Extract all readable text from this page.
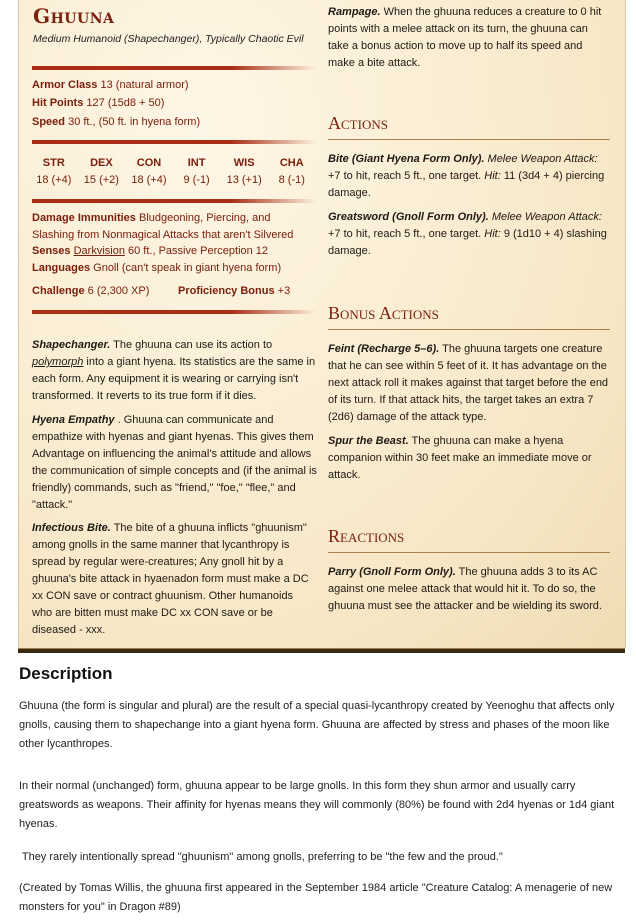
Ghuuna
Medium Humanoid (Shapechanger), Typically Chaotic Evil
Armor Class 13 (natural armor)
Hit Points 127 (15d8 + 50)
Speed 30 ft., (50 ft. in hyena form)
STR
18 (+4)
DEX
15 (+2)
CON
18 (+4)
INT
9 (-1)
WIS
13 (+1)
CHA
8 (-1)
Damage Immunities Bludgeoning, Piercing, and Slashing from Nonmagical Attacks that aren't Silvered
Senses Darkvision 60 ft., Passive Perception 12
Languages Gnoll (can't speak in giant hyena form)
Challenge 6 (2,300 XP)	Proficiency Bonus +3
Shapechanger. The ghuuna can use its action to polymorph into a giant hyena. Its statistics are the same in each form. Any equipment it is wearing or carrying isn't transformed. It reverts to its true form if it dies.
Hyena Empathy . Ghuuna can communicate and empathize with hyenas and giant hyenas. This gives them Advantage on influencing the animal's attitude and allows the communication of simple concepts and (if the animal is friendly) commands, such as "friend," "foe," "flee," and "attack."
Infectious Bite. The bite of a ghuuna inflicts "ghuunism" among gnolls in the same manner that lycanthropy is spread by regular were-creatures; Any gnoll hit by a ghuuna's bite attack in hyaenadon form must make a DC xx CON save or contract ghuunism. Other humanoids who are bitten must make DC xx CON save or be diseased - xxx.
Rampage. When the ghuuna reduces a creature to 0 hit points with a melee attack on its turn, the ghuuna can take a bonus action to move up to half its speed and make a bite attack.
Actions
Bite (Giant Hyena Form Only). Melee Weapon Attack: +7 to hit, reach 5 ft., one target. Hit: 11 (3d4 + 4) piercing damage.
Greatsword (Gnoll Form Only). Melee Weapon Attack: +7 to hit, reach 5 ft., one target. Hit: 9 (1d10 + 4) slashing damage.
Bonus Actions
Feint (Recharge 5–6). The ghuuna targets one creature that he can see within 5 feet of it. It has advantage on the next attack roll it makes against that target before the end of its turn. If that attack hits, the target takes an extra 7 (2d6) damage of the attack type.
Spur the Beast. The ghuuna can make a hyena companion within 30 feet make an immediate move or attack.
Reactions
Parry (Gnoll Form Only). The ghuuna adds 3 to its AC against one melee attack that would hit it. To do so, the ghuuna must see the attacker and be wielding its sword.
Description
Ghuuna (the form is singular and plural) are the result of a special quasi-lycanthropy created by Yeenoghu that affects only gnolls, causing them to shapechange into a giant hyena form. Ghuuna are affected by stress and phases of the moon like other lycanthropes.
In their normal (unchanged) form, ghuuna appear to be large gnolls. In this form they shun armor and usually carry greatswords as weapons. Their affinity for hyenas means they will commonly (80%) be found with 2d4 hyenas or 1d4 giant hyenas.
They rarely intentionally spread "ghuunism" among gnolls, preferring to be "the few and the proud."
(Created by Tomas Willis, the ghuuna first appeared in the September 1984 article "Creature Catalog: A menagerie of new monsters for you" in Dragon #89)
